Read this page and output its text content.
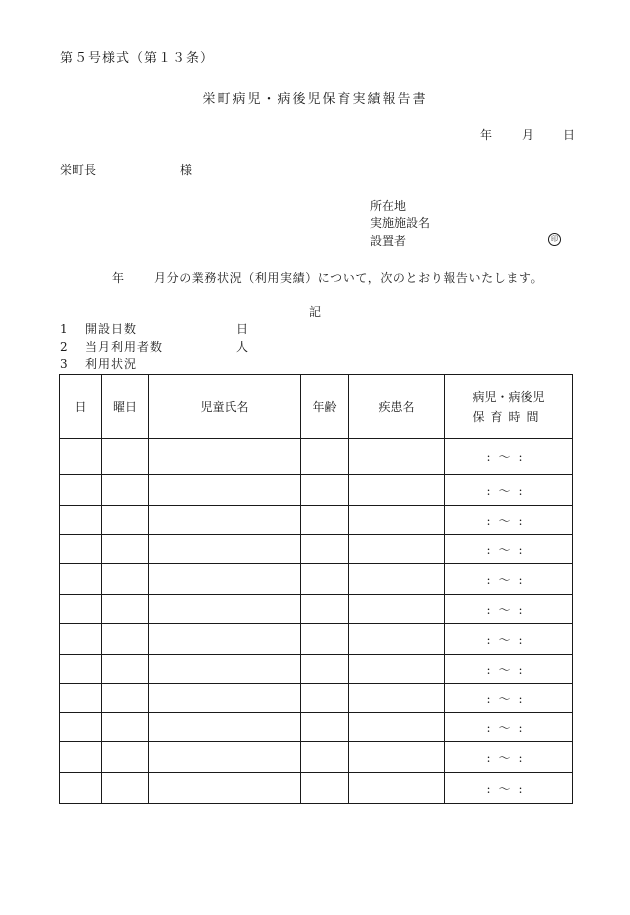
第５号様式（第１３条）
栄町病児・病後児保育実績報告書
年 月 日
栄町長	様
所在地
実施施設名
設置者	印
年 月分の業務状況（利用実績）について，次のとおり報告いたします。
記
1 開設日数	日
2 当月利用者数	人
3 利用状況
日	曜日	児童氏名	年齢	疾患名	病児・病後児
保育時間

					:～:
					:～:
					:～:
					:～:
					:～:
					:～:
					:～:
					:～:
					:～:
					:～:
					:～:
					:～:
